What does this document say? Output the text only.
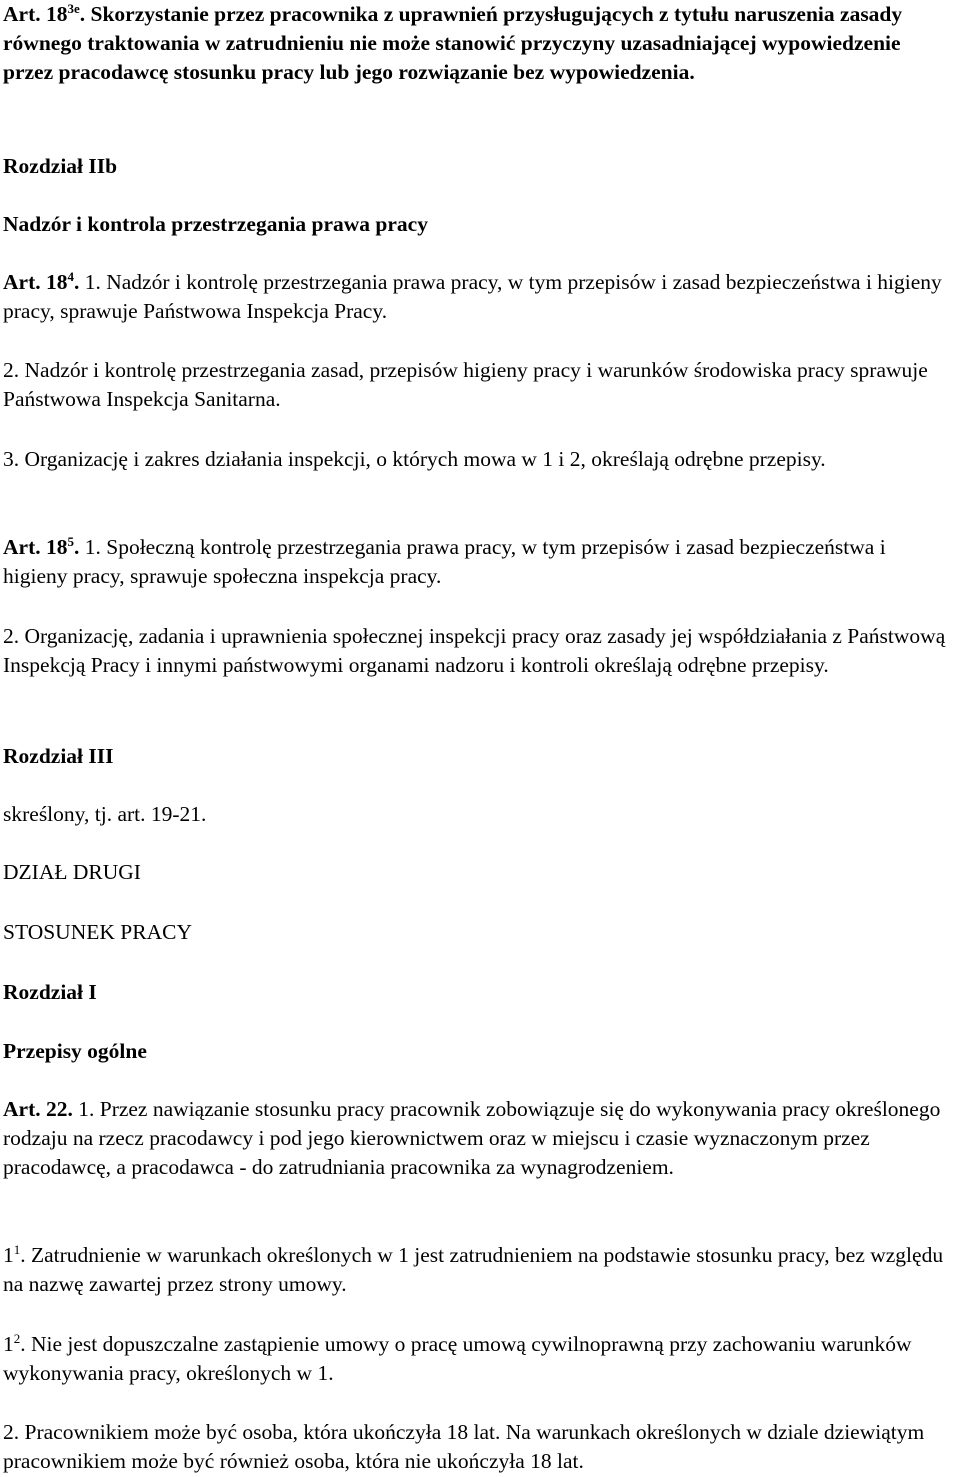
Art. $18^{3e}$. Skorzystanie przez pracownika z uprawnień przysługujących z tytułu naruszenia zasady równego traktowania w zatrudnieniu nie może stanowić przyczyny uzasadniającej wypowiedzenie przez pracodawcę stosunku pracy lub jego rozwiązanie bez wypowiedzenia.

Rozdział IIb

Nadzór i kontrola przestrzegania prawa pracy

Art. $18^4$. 1. Nadzór i kontrolę przestrzegania prawa pracy, w tym przepisów i zasad bezpieczeństwa i higieny pracy, sprawuje Państwowa Inspekcja Pracy.

2. Nadzór i kontrolę przestrzegania zasad, przepisów higieny pracy i warunków środowiska pracy sprawuje Państwowa Inspekcja Sanitarna.

3. Organizację i zakres działania inspekcji, o których mowa w 1 i 2, określają odrębne przepisy.

Art. $18^5$. 1. Społeczną kontrolę przestrzegania prawa pracy, w tym przepisów i zasad bezpieczeństwa i higieny pracy, sprawuje społeczna inspekcja pracy.

2. Organizację, zadania i uprawnienia społecznej inspekcji pracy oraz zasady jej współdziałania z Państwową Inspekcją Pracy i innymi państwowymi organami nadzoru i kontroli określają odrębne przepisy.

Rozdział III

skreślony, tj. art. 19-21.

DZIAŁ DRUGI

STOSUNEK PRACY

Rozdział I

Przepisy ogólne

Art. 22. 1. Przez nawiązanie stosunku pracy pracownik zobowiązuje się do wykonywania pracy określonego rodzaju na rzecz pracodawcy i pod jego kierownictwem oraz w miejscu i czasie wyznaczonym przez pracodawcę, a pracodawca - do zatrudniania pracownika za wynagrodzeniem.

$1^1$. Zatrudnienie w warunkach określonych w 1 jest zatrudnieniem na podstawie stosunku pracy, bez względu na nazwę zawartej przez strony umowy.

$1^2$. Nie jest dopuszczalne zastąpienie umowy o pracę umową cywilnoprawną przy zachowaniu warunków wykonywania pracy, określonych w 1.

2. Pracownikiem może być osoba, która ukończyła 18 lat. Na warunkach określonych w dziale dziewiątym pracownikiem może być również osoba, która nie ukończyła 18 lat.
